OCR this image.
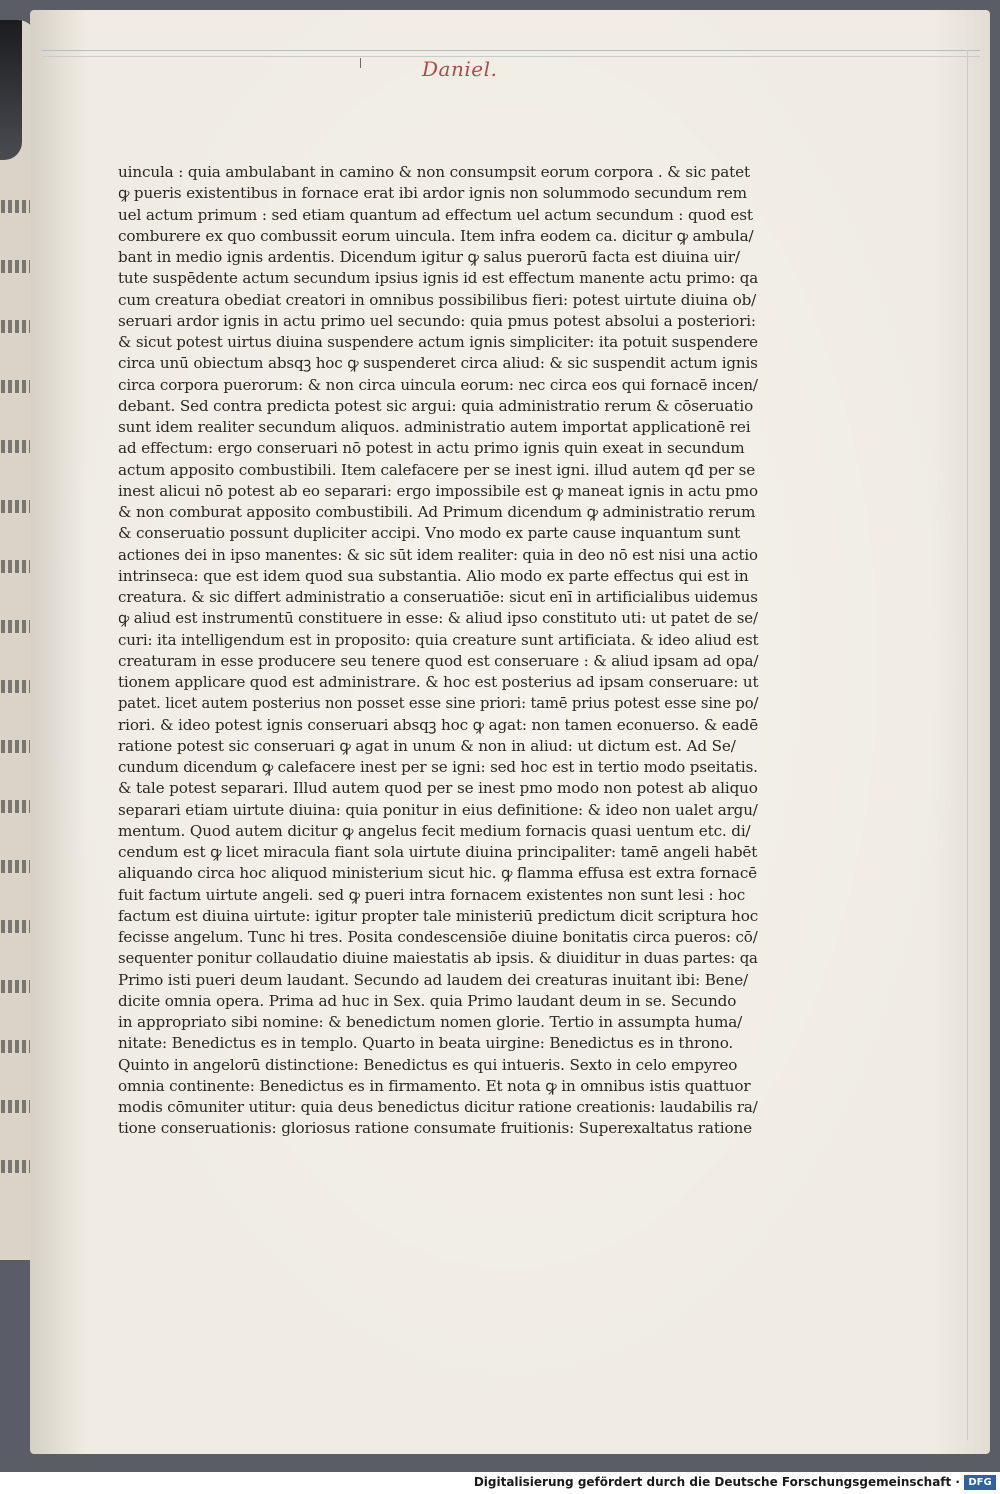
Daniel.
uincula : quia ambulabant in camino & non consumpsit eorum corpora . & sic patet
ꝙ pueris existentibus in fornace erat ibi ardor ignis non solummodo secundum rem
uel actum primum : sed etiam quantum ad effectum uel actum secundum : quod est
comburere ex quo combussit eorum uincula. Item infra eodem ca. dicitur ꝙ ambula/
bant in medio ignis ardentis. Dicendum igitur ꝙ salus puerorū facta est diuina uir/
tute suspēdente actum secundum ipsius ignis id est effectum manente actu primo: qa
cum creatura obediat creatori in omnibus possibilibus fieri: potest uirtute diuina ob/
seruari ardor ignis in actu primo uel secundo: quia pmus potest absolui a posteriori:
& sicut potest uirtus diuina suspendere actum ignis simpliciter: ita potuit suspendere
circa unū obiectum absqꝫ hoc ꝙ suspenderet circa aliud: & sic suspendit actum ignis
circa corpora puerorum: & non circa uincula eorum: nec circa eos qui fornacē incen/
debant. Sed contra predicta potest sic argui: quia administratio rerum & cōseruatio
sunt idem realiter secundum aliquos. administratio autem importat applicationē rei
ad effectum: ergo conseruari nō potest in actu primo ignis quin exeat in secundum
actum apposito combustibili. Item calefacere per se inest igni. illud autem qđ per se
inest alicui nō potest ab eo separari: ergo impossibile est ꝙ maneat ignis in actu pmo
& non comburat apposito combustibili. Ad Primum dicendum ꝙ administratio rerum
& conseruatio possunt dupliciter accipi. Vno modo ex parte cause inquantum sunt
actiones dei in ipso manentes: & sic sūt idem realiter: quia in deo nō est nisi una actio
intrinseca: que est idem quod sua substantia. Alio modo ex parte effectus qui est in
creatura. & sic differt administratio a conseruatiōe: sicut enī in artificialibus uidemus
ꝙ aliud est instrumentū constituere in esse: & aliud ipso constituto uti: ut patet de se/
curi: ita intelligendum est in proposito: quia creature sunt artificiata. & ideo aliud est
creaturam in esse producere seu tenere quod est conseruare : & aliud ipsam ad opa/
tionem applicare quod est administrare. & hoc est posterius ad ipsam conseruare: ut
patet. licet autem posterius non posset esse sine priori: tamē prius potest esse sine po/
riori. & ideo potest ignis conseruari absqꝫ hoc ꝙ agat: non tamen econuerso. & eadē
ratione potest sic conseruari ꝙ agat in unum & non in aliud: ut dictum est. Ad Se/
cundum dicendum ꝙ calefacere inest per se igni: sed hoc est in tertio modo pseitatis.
& tale potest separari. Illud autem quod per se inest pmo modo non potest ab aliquo
separari etiam uirtute diuina: quia ponitur in eius definitione: & ideo non ualet argu/
mentum. Quod autem dicitur ꝙ angelus fecit medium fornacis quasi uentum etc. di/
cendum est ꝙ licet miracula fiant sola uirtute diuina principaliter: tamē angeli habēt
aliquando circa hoc aliquod ministerium sicut hic. ꝙ flamma effusa est extra fornacē
fuit factum uirtute angeli. sed ꝙ pueri intra fornacem existentes non sunt lesi : hoc
factum est diuina uirtute: igitur propter tale ministeriū predictum dicit scriptura hoc
fecisse angelum. Tunc hi tres. Posita condescensiōe diuine bonitatis circa pueros: cō/
sequenter ponitur collaudatio diuine maiestatis ab ipsis. & diuiditur in duas partes: qa
Primo isti pueri deum laudant. Secundo ad laudem dei creaturas inuitant ibi: Bene/
dicite omnia opera. Prima ad huc in Sex. quia Primo laudant deum in se. Secundo
in appropriato sibi nomine: & benedictum nomen glorie. Tertio in assumpta huma/
nitate: Benedictus es in templo. Quarto in beata uirgine: Benedictus es in throno.
Quinto in angelorū distinctione: Benedictus es qui intueris. Sexto in celo empyreo
omnia continente: Benedictus es in firmamento. Et nota ꝙ in omnibus istis quattuor
modis cōmuniter utitur: quia deus benedictus dicitur ratione creationis: laudabilis ra/
tione conseruationis: gloriosus ratione consumate fruitionis: Superexaltatus ratione
Digitalisierung gefördert durch die Deutsche Forschungsgemeinschaft · DFG
